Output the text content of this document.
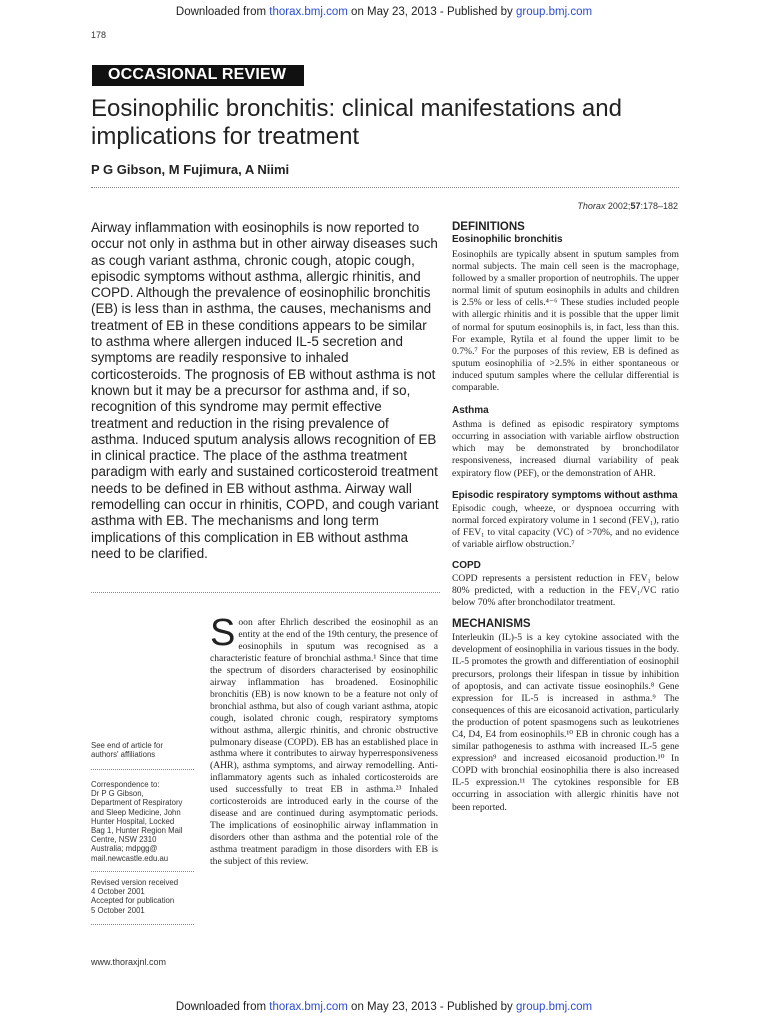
Downloaded from thorax.bmj.com on May 23, 2013 - Published by group.bmj.com
178
OCCASIONAL REVIEW
Eosinophilic bronchitis: clinical manifestations and implications for treatment
P G Gibson, M Fujimura, A Niimi
Thorax 2002;57:178–182

Airway inflammation with eosinophils is now reported to occur not only in asthma but in other airway diseases such as cough variant asthma, chronic cough, atopic cough, episodic symptoms without asthma, allergic rhinitis, and COPD. Although the prevalence of eosinophilic bronchitis (EB) is less than in asthma, the causes, mechanisms and treatment of EB in these conditions appears to be similar to asthma where allergen induced IL-5 secretion and symptoms are readily responsive to inhaled corticosteroids. The prognosis of EB without asthma is not known but it may be a precursor for asthma and, if so, recognition of this syndrome may permit effective treatment and reduction in the rising prevalence of asthma. Induced sputum analysis allows recognition of EB in clinical practice. The place of the asthma treatment paradigm with early and sustained corticosteroid treatment needs to be defined in EB without asthma. Airway wall remodelling can occur in rhinitis, COPD, and cough variant asthma with EB. The mechanisms and long term implications of this complication in EB without asthma need to be clarified.

See end of article for
authors' affiliations
Correspondence to:
Dr P G Gibson,
Department of Respiratory
and Sleep Medicine, John
Hunter Hospital, Locked
Bag 1, Hunter Region Mail
Centre, NSW 2310
Australia; mdpgg@
mail.newcastle.edu.au
Revised version received
4 October 2001
Accepted for publication
5 October 2001

Soon after Ehrlich described the eosinophil as an entity at the end of the 19th century, the presence of eosinophils in sputum was recognised as a characteristic feature of bronchial asthma.¹ Since that time the spectrum of disorders characterised by eosinophilic airway inflammation has broadened. Eosinophilic bronchitis (EB) is now known to be a feature not only of bronchial asthma, but also of cough variant asthma, atopic cough, isolated chronic cough, respiratory symptoms without asthma, allergic rhinitis, and chronic obstructive pulmonary disease (COPD). EB has an established place in asthma where it contributes to airway hyperresponsiveness (AHR), asthma symptoms, and airway remodelling. Anti-inflammatory agents such as inhaled corticosteroids are used successfully to treat EB in asthma.²³ Inhaled corticosteroids are introduced early in the course of the disease and are continued during asymptomatic periods. The implications of eosinophilic airway inflammation in disorders other than asthma and the potential role of the asthma treatment paradigm in those disorders with EB is the subject of this review.

DEFINITIONS
Eosinophilic bronchitis

Eosinophils are typically absent in sputum samples from normal subjects. The main cell seen is the macrophage, followed by a smaller proportion of neutrophils. The upper normal limit of sputum eosinophils in adults and children is 2.5% or less of cells.⁴⁻⁶ These studies included people with allergic rhinitis and it is possible that the upper limit of normal for sputum eosinophils is, in fact, less than this. For example, Rytila et al found the upper limit to be 0.7%.⁷ For the purposes of this review, EB is defined as sputum eosinophilia of >2.5% in either spontaneous or induced sputum samples where the cellular differential is comparable.

Asthma

Asthma is defined as episodic respiratory symptoms occurring in association with variable airflow obstruction which may be demonstrated by bronchodilator responsiveness, increased diurnal variability of peak expiratory flow (PEF), or the demonstration of AHR.

Episodic respiratory symptoms without asthma

Episodic cough, wheeze, or dyspnoea occurring with normal forced expiratory volume in 1 second (FEV₁), ratio of FEV₁ to vital capacity (VC) of >70%, and no evidence of variable airflow obstruction.⁷

COPD

COPD represents a persistent reduction in FEV₁ below 80% predicted, with a reduction in the FEV₁/VC ratio below 70% after bronchodilator treatment.

MECHANISMS

Interleukin (IL)-5 is a key cytokine associated with the development of eosinophilia in various tissues in the body. IL-5 promotes the growth and differentiation of eosinophil precursors, prolongs their lifespan in tissue by inhibition of apoptosis, and can activate tissue eosinophils.⁸ Gene expression for IL-5 is increased in asthma.⁹ The consequences of this are eicosanoid activation, particularly the production of potent spasmogens such as leukotrienes C4, D4, E4 from eosinophils.¹⁰ EB in chronic cough has a similar pathogenesis to asthma with increased IL-5 gene expression⁹ and increased eicosanoid production.¹⁰ In COPD with bronchial eosinophilia there is also increased IL-5 expression.¹¹ The cytokines responsible for EB occurring in association with allergic rhinitis have not been reported.

www.thoraxjnl.com
Downloaded from thorax.bmj.com on May 23, 2013 - Published by group.bmj.com
